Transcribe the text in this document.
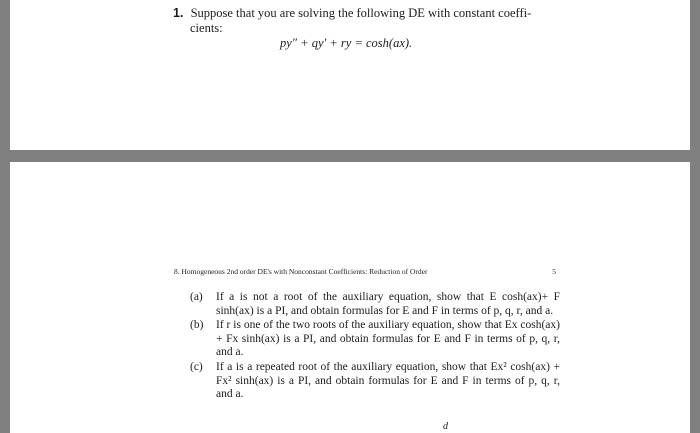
1. Suppose that you are solving the following DE with constant coeffi-
cients:
py″ + qy′ + ry = cosh(ax).
8. Homogeneous 2nd order DE's with Nonconstant Coefficients: Reduction of Order	5
(a)	If a is not a root of the auxiliary equation, show that E cosh(ax)+ F sinh(ax) is a PI, and obtain formulas for E and F in terms of p, q, r, and a.
(b)	If r is one of the two roots of the auxiliary equation, show that Ex cosh(ax) + Fx sinh(ax) is a PI, and obtain formulas for E and F in terms of p, q, r, and a.
(c)	If a is a repeated root of the auxiliary equation, show that Ex² cosh(ax) + Fx² sinh(ax) is a PI, and obtain formulas for E and F in terms of p, q, r, and a.
d
